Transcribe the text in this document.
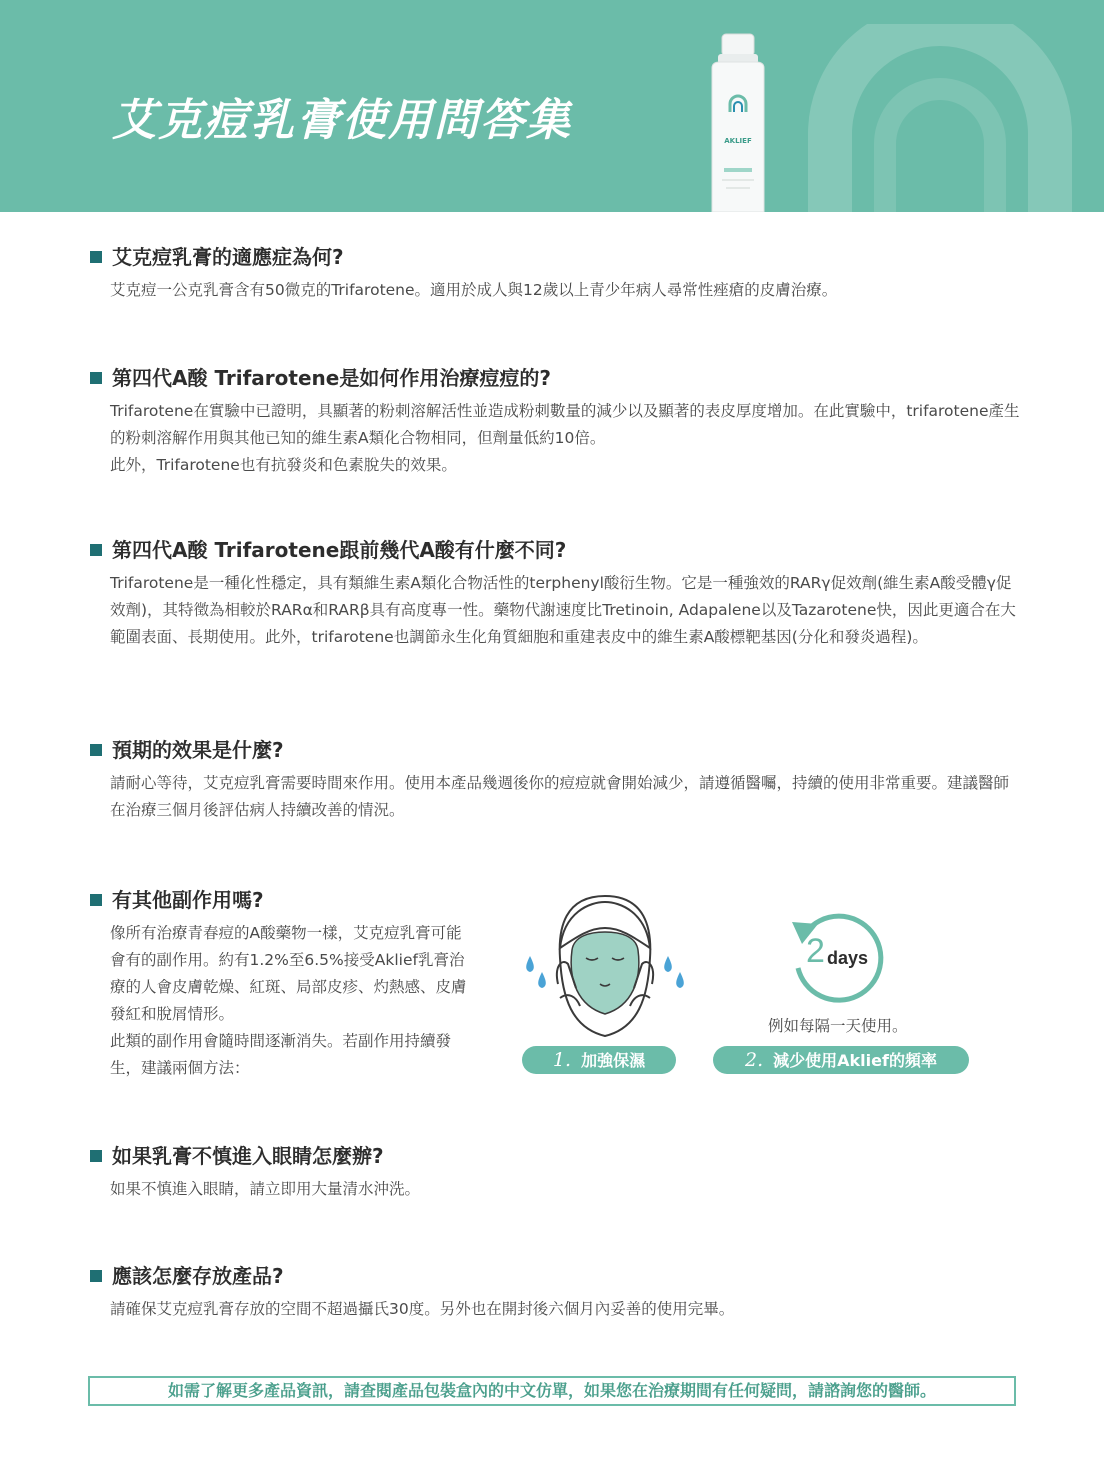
艾克痘乳膏使用問答集	AKLIEF
艾克痘乳膏的適應症為何?
艾克痘一公克乳膏含有50微克的Trifarotene。適用於成人與12歲以上青少年病人尋常性痤瘡的皮膚治療。
第四代A酸 Trifarotene是如何作用治療痘痘的?
Trifarotene在實驗中已證明，具顯著的粉刺溶解活性並造成粉刺數量的減少以及顯著的表皮厚度增加。在此實驗中，trifarotene產生的粉刺溶解作用與其他已知的維生素A類化合物相同，但劑量低約10倍。
此外，Trifarotene也有抗發炎和色素脫失的效果。
第四代A酸 Trifarotene跟前幾代A酸有什麼不同?
Trifarotene是一種化性穩定，具有類維生素A類化合物活性的terphenyl酸衍生物。它是一種強效的RARγ促效劑(維生素A酸受體γ促效劑)，其特徵為相較於RARα和RARβ具有高度專一性。藥物代謝速度比Tretinoin, Adapalene以及Tazarotene快，因此更適合在大範圍表面、長期使用。此外，trifarotene也調節永生化角質細胞和重建表皮中的維生素A酸標靶基因(分化和發炎過程)。
預期的效果是什麼?
請耐心等待，艾克痘乳膏需要時間來作用。使用本產品幾週後你的痘痘就會開始減少，請遵循醫囑，持續的使用非常重要。建議醫師在治療三個月後評估病人持續改善的情況。
有其他副作用嗎?
像所有治療青春痘的A酸藥物一樣，艾克痘乳膏可能會有的副作用。約有1.2%至6.5%接受Aklief乳膏治療的人會皮膚乾燥、紅斑、局部皮疹、灼熱感、皮膚發紅和脫屑情形。
此類的副作用會隨時間逐漸消失。若副作用持續發生，建議兩個方法：	1. 加強保濕
2 days
例如每隔一天使用。
2. 減少使用Aklief的頻率
如果乳膏不慎進入眼睛怎麼辦?
如果不慎進入眼睛，請立即用大量清水沖洗。
應該怎麼存放產品?
請確保艾克痘乳膏存放的空間不超過攝氏30度。另外也在開封後六個月內妥善的使用完畢。
如需了解更多產品資訊，請查閱產品包裝盒內的中文仿單，如果您在治療期間有任何疑問，請諮詢您的醫師。
